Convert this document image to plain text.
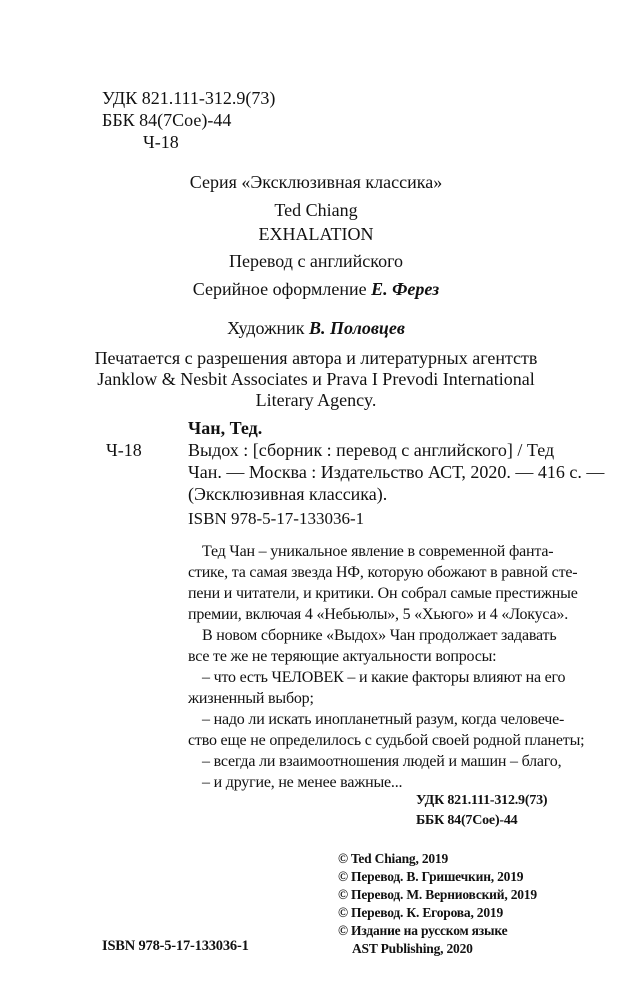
УДК 821.111-312.9(73)
ББК 84(7Сое)-44
Ч-18
Серия «Эксклюзивная классика»
Ted Chiang
EXHALATION
Перевод с английского
Серийное оформление Е. Ферез
Художник В. Половцев
Печатается с разрешения автора и литературных агентств
Janklow & Nesbit Associates и Prava I Prevodi International
Literary Agency.
Чан, Тед.
Ч-18	Выдох : [сборник : перевод с английского] / Тед
Чан. — Москва : Издательство АСТ, 2020. — 416 с. —
(Эксклюзивная классика).
ISBN 978-5-17-133036-1
Тед Чан – уникальное явление в современной фанта-
стике, та самая звезда НФ, которую обожают в равной сте-
пени и читатели, и критики. Он собрал самые престижные
премии, включая 4 «Небьюлы», 5 «Хьюго» и 4 «Локуса».
В новом сборнике «Выдох» Чан продолжает задавать
все те же не теряющие актуальности вопросы:
– что есть ЧЕЛОВЕК – и какие факторы влияют на его
жизненный выбор;
– надо ли искать инопланетный разум, когда человече-
ство еще не определилось с судьбой своей родной планеты;
– всегда ли взаимоотношения людей и машин – благо,
– и другие, не менее важные...
УДК 821.111-312.9(73)
ББК 84(7Сое)-44
© Ted Chiang, 2019
© Перевод. В. Гришечкин, 2019
© Перевод. М. Верниовский, 2019
© Перевод. К. Егорова, 2019
© Издание на русском языке
AST Publishing, 2020
ISBN 978-5-17-133036-1
